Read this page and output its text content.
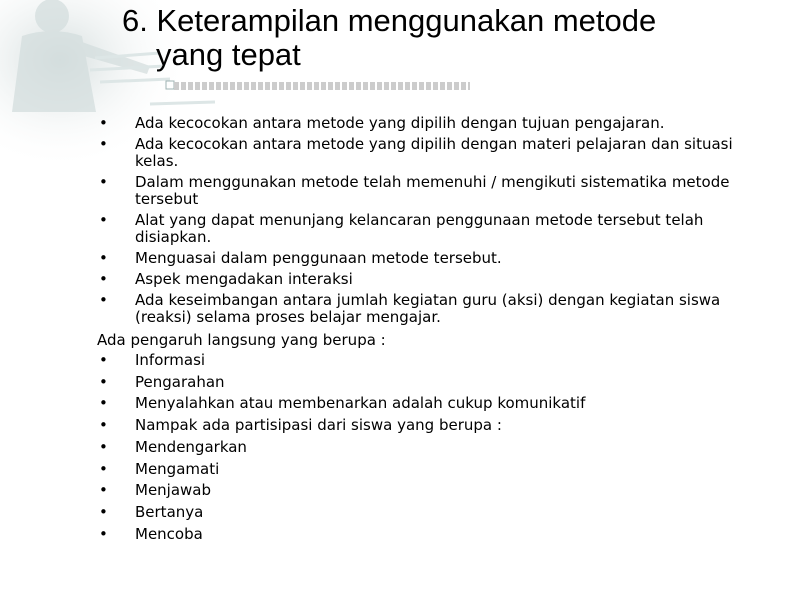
6. Keterampilan menggunakan metode
yang tepat
• Ada kecocokan antara metode yang dipilih dengan tujuan pengajaran.
• Ada kecocokan antara metode yang dipilih dengan materi pelajaran dan situasi kelas.
• Dalam menggunakan metode telah memenuhi / mengikuti sistematika metode tersebut
• Alat yang dapat menunjang kelancaran penggunaan metode tersebut telah disiapkan.
• Menguasai dalam penggunaan metode tersebut.
• Aspek mengadakan interaksi
• Ada keseimbangan antara jumlah kegiatan guru (aksi) dengan kegiatan siswa (reaksi) selama proses belajar mengajar.

Ada pengaruh langsung yang berupa :

• Informasi
• Pengarahan
• Menyalahkan atau membenarkan adalah cukup komunikatif
• Nampak ada partisipasi dari siswa yang berupa :
• Mendengarkan
• Mengamati
• Menjawab
• Bertanya
• Mencoba
